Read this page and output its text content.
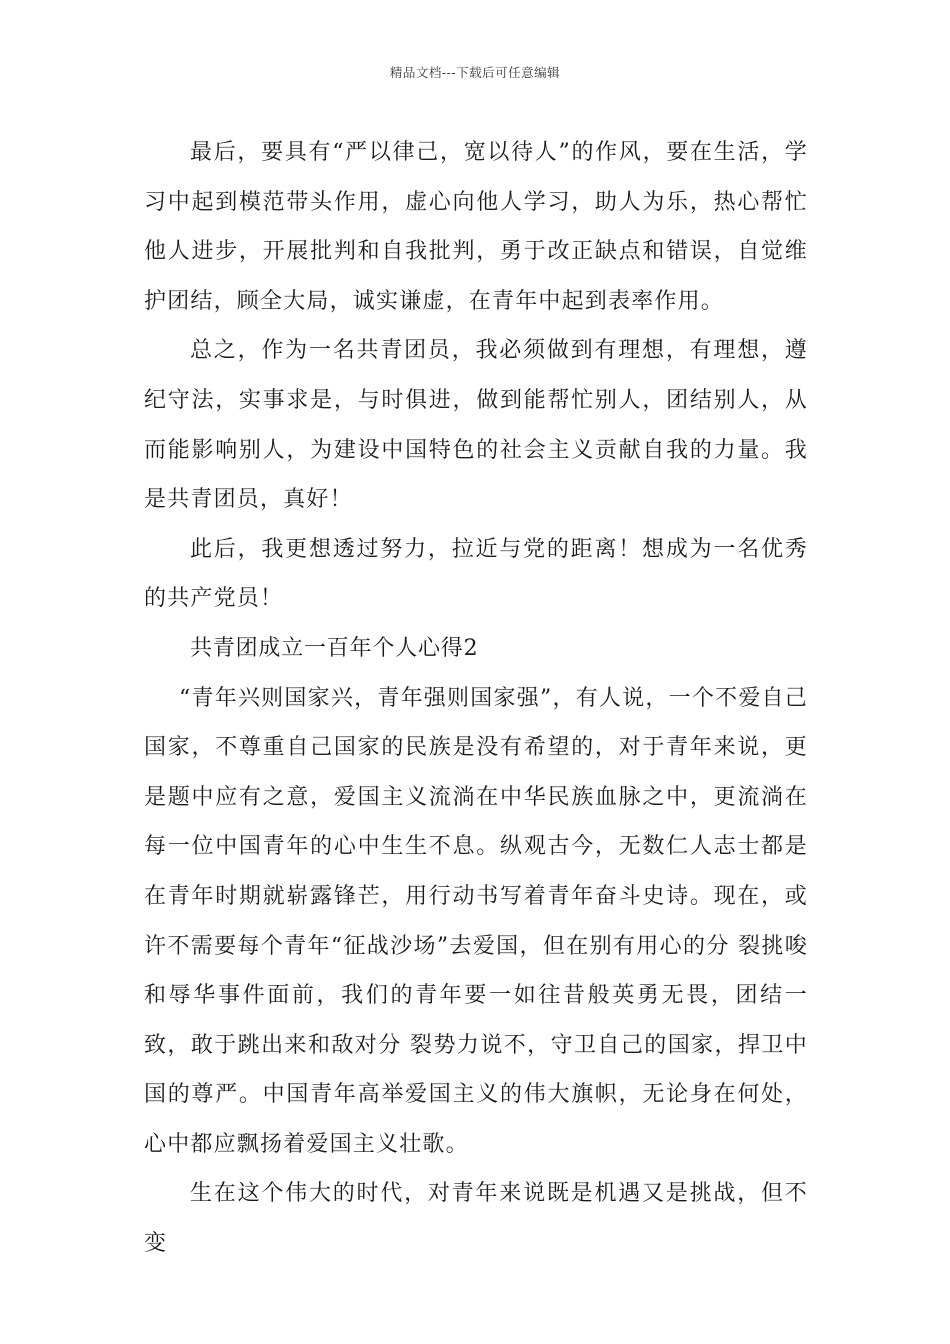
精品文档---下载后可任意编辑

最后，要具有“严以律己，宽以待人”的作风，要在生活，学习中起到模范带头作用，虚心向他人学习，助人为乐，热心帮忙他人进步，开展批判和自我批判，勇于改正缺点和错误，自觉维护团结，顾全大局，诚实谦虚，在青年中起到表率作用。

总之，作为一名共青团员，我必须做到有理想，有理想，遵纪守法，实事求是，与时俱进，做到能帮忙别人，团结别人，从而能影响别人，为建设中国特色的社会主义贡献自我的力量。我是共青团员，真好！

此后，我更想透过努力，拉近与党的距离！想成为一名优秀的共产党员！

共青团成立一百年个人心得2

“青年兴则国家兴，青年强则国家强”，有人说，一个不爱自己国家，不尊重自己国家的民族是没有希望的，对于青年来说，更是题中应有之意，爱国主义流淌在中华民族血脉之中，更流淌在每一位中国青年的心中生生不息。纵观古今，无数仁人志士都是在青年时期就崭露锋芒，用行动书写着青年奋斗史诗。现在，或许不需要每个青年“征战沙场”去爱国，但在别有用心的分 裂挑唆和辱华事件面前，我们的青年要一如往昔般英勇无畏，团结一致，敢于跳出来和敌对分 裂势力说不，守卫自己的国家，捍卫中国的尊严。中国青年高举爱国主义的伟大旗帜，无论身在何处，心中都应飘扬着爱国主义壮歌。

生在这个伟大的时代，对青年来说既是机遇又是挑战，但不变
